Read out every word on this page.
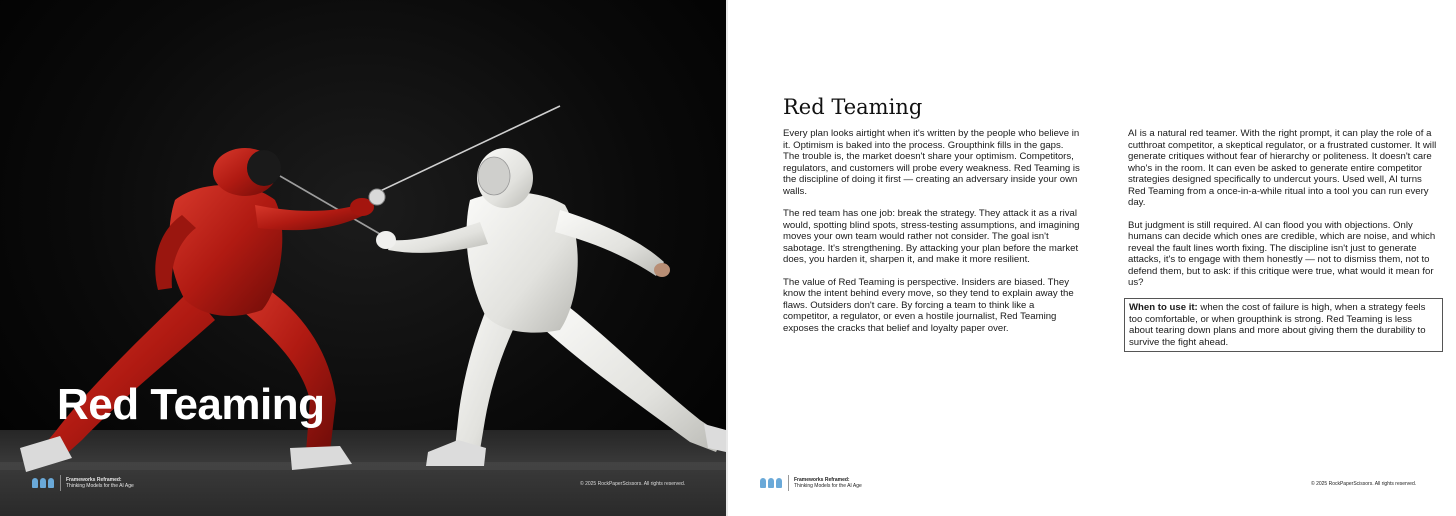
Red Teaming
Frameworks Reframed:
Thinking Models for the AI Age	© 2025 RockPaperScissors. All rights reserved.
Red Teaming

Every plan looks airtight when it's written by the people who believe in it. Optimism is baked into the process. Groupthink fills in the gaps. The trouble is, the market doesn't share your optimism. Competitors, regulators, and customers will probe every weakness. Red Teaming is the discipline of doing it first — creating an adversary inside your own walls.

The red team has one job: break the strategy. They attack it as a rival would, spotting blind spots, stress-testing assumptions, and imagining moves your own team would rather not consider. The goal isn't sabotage. It's strengthening. By attacking your plan before the market does, you harden it, sharpen it, and make it more resilient.

The value of Red Teaming is perspective. Insiders are biased. They know the intent behind every move, so they tend to explain away the flaws. Outsiders don't care. By forcing a team to think like a competitor, a regulator, or even a hostile journalist, Red Teaming exposes the cracks that belief and loyalty paper over.

AI is a natural red teamer. With the right prompt, it can play the role of a cutthroat competitor, a skeptical regulator, or a frustrated customer. It will generate critiques without fear of hierarchy or politeness. It doesn't care who's in the room. It can even be asked to generate entire competitor strategies designed specifically to undercut yours. Used well, AI turns Red Teaming from a once-in-a-while ritual into a tool you can run every day.

But judgment is still required. AI can flood you with objections. Only humans can decide which ones are credible, which are noise, and which reveal the fault lines worth fixing. The discipline isn't just to generate attacks, it's to engage with them honestly — not to dismiss them, not to defend them, but to ask: if this critique were true, what would it mean for us?

When to use it: when the cost of failure is high, when a strategy feels too comfortable, or when groupthink is strong. Red Teaming is less about tearing down plans and more about giving them the durability to survive the fight ahead.
Frameworks Reframed:
Thinking Models for the AI Age	© 2025 RockPaperScissors. All rights reserved.
